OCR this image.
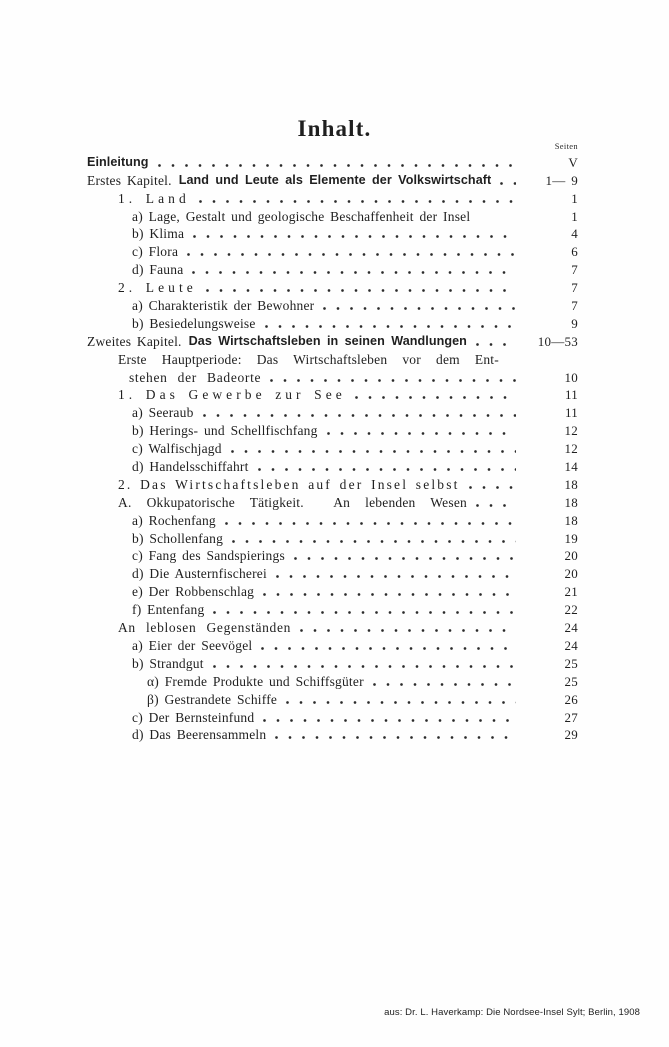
Inhalt.
Seiten
Einleitung	V
Erstes Kapitel. Land und Leute als Elemente der Volkswirtschaft	1— 9
1. Land	1
a) Lage, Gestalt und geologische Beschaffenheit der Insel	1
b) Klima	4
c) Flora	6
d) Fauna	7
2. Leute	7
a) Charakteristik der Bewohner	7
b) Besiedelungsweise	9
Zweites Kapitel. Das Wirtschaftsleben in seinen Wandlungen	10—53
Erste Hauptperiode: Das Wirtschaftsleben vor dem Ent-
stehen der Badeorte	10
1. Das Gewerbe zur See	11
a) Seeraub	11
b) Herings- und Schellfischfang	12
c) Walfischjagd	12
d) Handelsschiffahrt	14
2. Das Wirtschaftsleben auf der Insel selbst	18
A. Okkupatorische Tätigkeit.  An lebenden Wesen	18
a) Rochenfang	18
b) Schollenfang	19
c) Fang des Sandspierings	20
d) Die Austernfischerei	20
e) Der Robbenschlag	21
f) Entenfang	22
An leblosen Gegenständen	24
a) Eier der Seevögel	24
b) Strandgut	25
α) Fremde Produkte und Schiffsgüter	25
β) Gestrandete Schiffe	26
c) Der Bernsteinfund	27
d) Das Beerensammeln	29
aus: Dr. L. Haverkamp: Die Nordsee-Insel Sylt; Berlin, 1908
